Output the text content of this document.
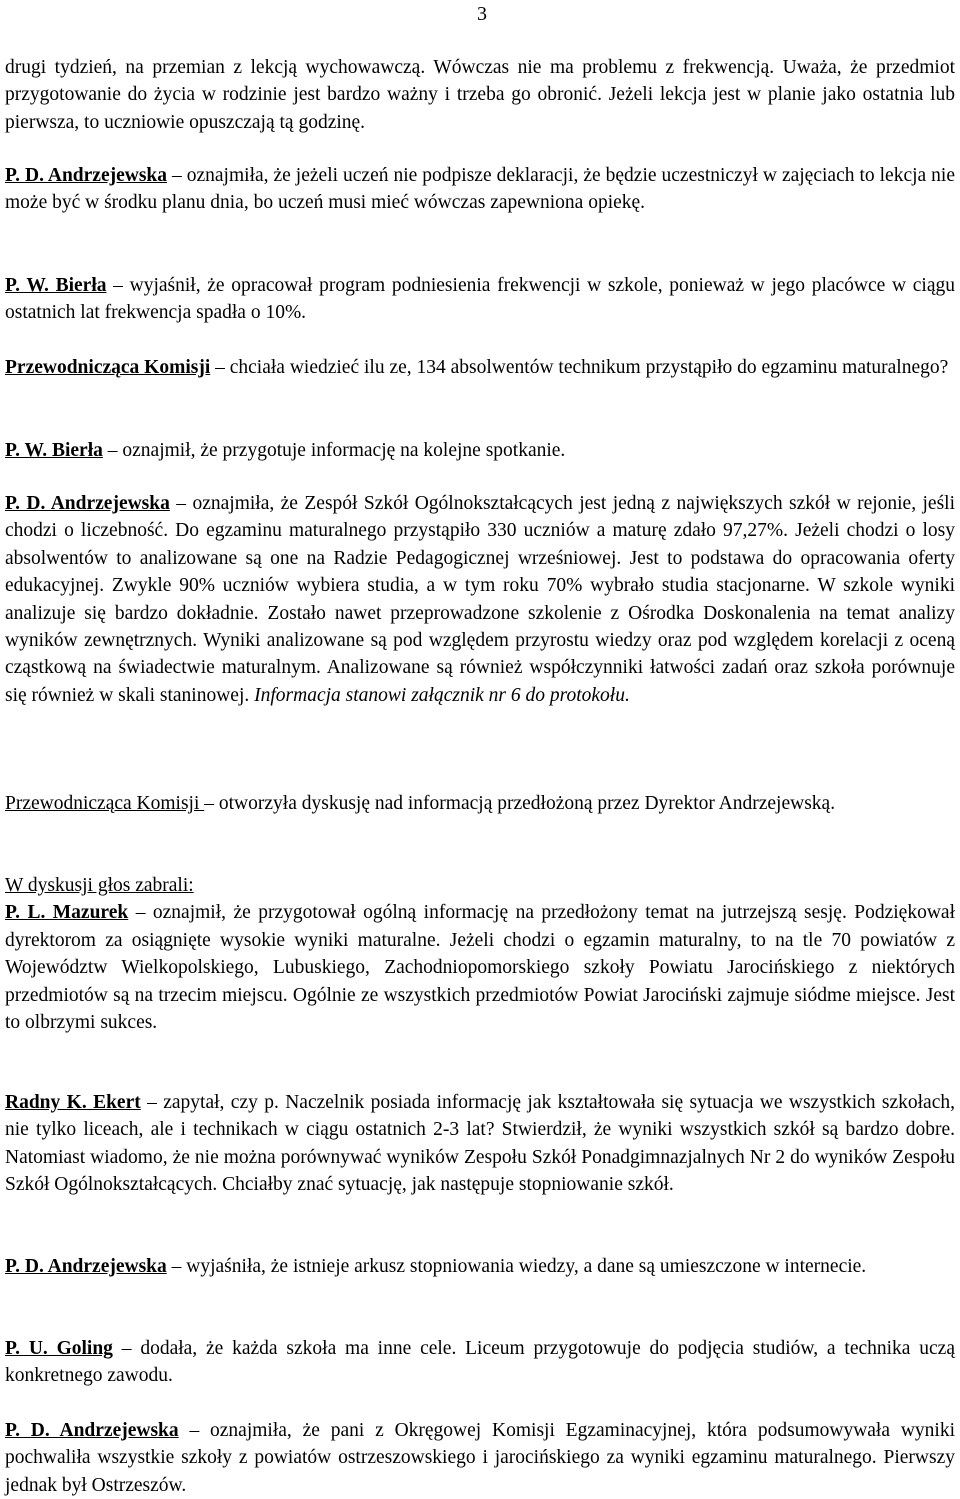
3

drugi tydzień, na przemian z lekcją wychowawczą. Wówczas nie ma problemu z frekwencją. Uważa, że przedmiot przygotowanie do życia w rodzinie jest bardzo ważny i trzeba go obronić. Jeżeli lekcja jest w planie jako ostatnia lub pierwsza, to uczniowie opuszczają tą godzinę.

P. D. Andrzejewska – oznajmiła, że jeżeli uczeń nie podpisze deklaracji, że będzie uczestniczył w zajęciach to lekcja nie może być w środku planu dnia, bo uczeń musi mieć wówczas zapewniona opiekę.

P. W. Bierła – wyjaśnił, że opracował program podniesienia frekwencji w szkole, ponieważ w jego placówce w ciągu ostatnich lat frekwencja spadła o 10%.

Przewodnicząca Komisji – chciała wiedzieć ilu ze, 134 absolwentów technikum przystąpiło do egzaminu maturalnego?

P. W. Bierła – oznajmił, że przygotuje informację na kolejne spotkanie.

P. D. Andrzejewska – oznajmiła, że Zespół Szkół Ogólnokształcących jest jedną z największych szkół w rejonie, jeśli chodzi o liczebność. Do egzaminu maturalnego przystąpiło 330 uczniów a maturę zdało 97,27%. Jeżeli chodzi o losy absolwentów to analizowane są one na Radzie Pedagogicznej wrześniowej. Jest to podstawa do opracowania oferty edukacyjnej. Zwykle 90% uczniów wybiera studia, a w tym roku 70% wybrało studia stacjonarne. W szkole wyniki analizuje się bardzo dokładnie. Zostało nawet przeprowadzone szkolenie z Ośrodka Doskonalenia na temat analizy wyników zewnętrznych. Wyniki analizowane są pod względem przyrostu wiedzy oraz pod względem korelacji z oceną cząstkową na świadectwie maturalnym. Analizowane są również współczynniki łatwości zadań oraz szkoła porównuje się również w skali staninowej. Informacja stanowi załącznik nr 6 do protokołu.

Przewodnicząca Komisji – otworzyła dyskusję nad informacją przedłożoną przez Dyrektor Andrzejewską.

W dyskusji głos zabrali:
P. L. Mazurek – oznajmił, że przygotował ogólną informację na przedłożony temat na jutrzejszą sesję. Podziękował dyrektorom za osiągnięte wysokie wyniki maturalne. Jeżeli chodzi o egzamin maturalny, to na tle 70 powiatów z Województw Wielkopolskiego, Lubuskiego, Zachodniopomorskiego szkoły Powiatu Jarocińskiego z niektórych przedmiotów są na trzecim miejscu. Ogólnie ze wszystkich przedmiotów Powiat Jarociński zajmuje siódme miejsce. Jest to olbrzymi sukces.

Radny K. Ekert – zapytał, czy p. Naczelnik posiada informację jak kształtowała się sytuacja we wszystkich szkołach, nie tylko liceach, ale i technikach w ciągu ostatnich 2-3 lat? Stwierdził, że wyniki wszystkich szkół są bardzo dobre. Natomiast wiadomo, że nie można porównywać wyników Zespołu Szkół Ponadgimnazjalnych Nr 2 do wyników Zespołu Szkół Ogólnokształcących. Chciałby znać sytuację, jak następuje stopniowanie szkół.

P. D. Andrzejewska – wyjaśniła, że istnieje arkusz stopniowania wiedzy, a dane są umieszczone w internecie.

P. U. Goling – dodała, że każda szkoła ma inne cele. Liceum przygotowuje do podjęcia studiów, a technika uczą konkretnego zawodu.

P. D. Andrzejewska – oznajmiła, że pani z Okręgowej Komisji Egzaminacyjnej, która podsumowywała wyniki pochwaliła wszystkie szkoły z powiatów ostrzeszowskiego i jarocińskiego za wyniki egzaminu maturalnego. Pierwszy jednak był Ostrzeszów.
